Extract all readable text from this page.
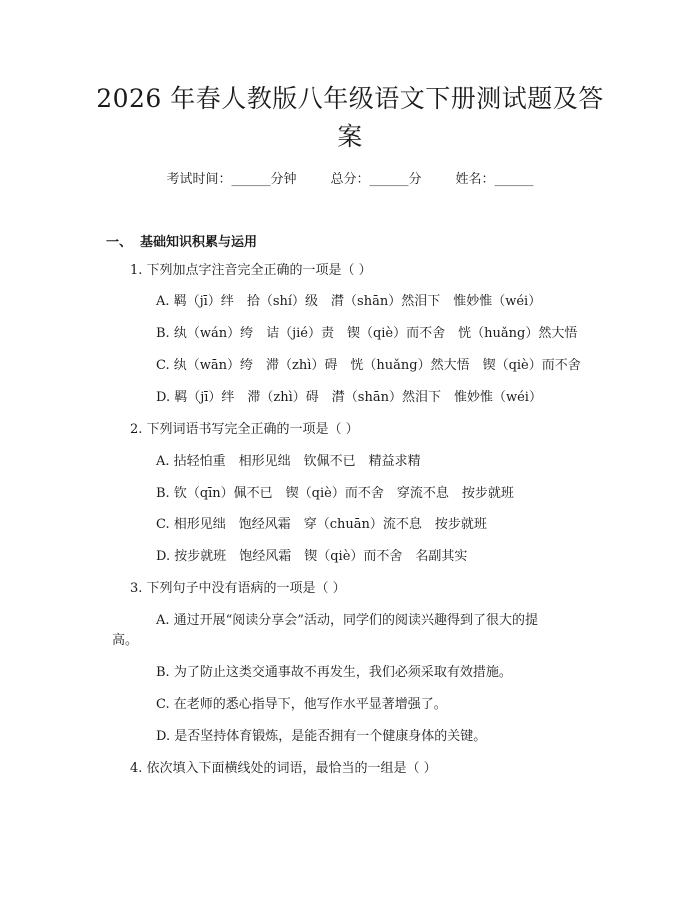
2026 年春人教版八年级语文下册测试题及答案
考试时间：______分钟	总分：______分	姓名：______
一、 基础知识积累与运用
1. 下列加点字注音完全正确的一项是（ ）
A. 羁（jī）绊　拾（shí）级　潸（shān）然泪下　惟妙惟（wéi）
B. 纨（wán）绔　诘（jié）责　锲（qiè）而不舍　恍（huǎng）然大悟
C. 纨（wān）绔　滞（zhì）碍　恍（huǎng）然大悟　锲（qiè）而不舍
D. 羁（jī）绊　滞（zhì）碍　潸（shān）然泪下　惟妙惟（wéi）
2. 下列词语书写完全正确的一项是（ ）
A. 拈轻怕重　相形见绌　钦佩不已　精益求精
B. 钦（qīn）佩不已　锲（qiè）而不舍　穿流不息　按步就班
C. 相形见绌　饱经风霜　穿（chuān）流不息　按步就班
D. 按步就班　饱经风霜　锲（qiè）而不舍　名副其实
3. 下列句子中没有语病的一项是（ ）
A. 通过开展“阅读分享会”活动，同学们的阅读兴趣得到了很大的提
高。
B. 为了防止这类交通事故不再发生，我们必须采取有效措施。
C. 在老师的悉心指导下，他写作水平显著增强了。
D. 是否坚持体育锻炼，是能否拥有一个健康身体的关键。
4. 依次填入下面横线处的词语，最恰当的一组是（ ）
